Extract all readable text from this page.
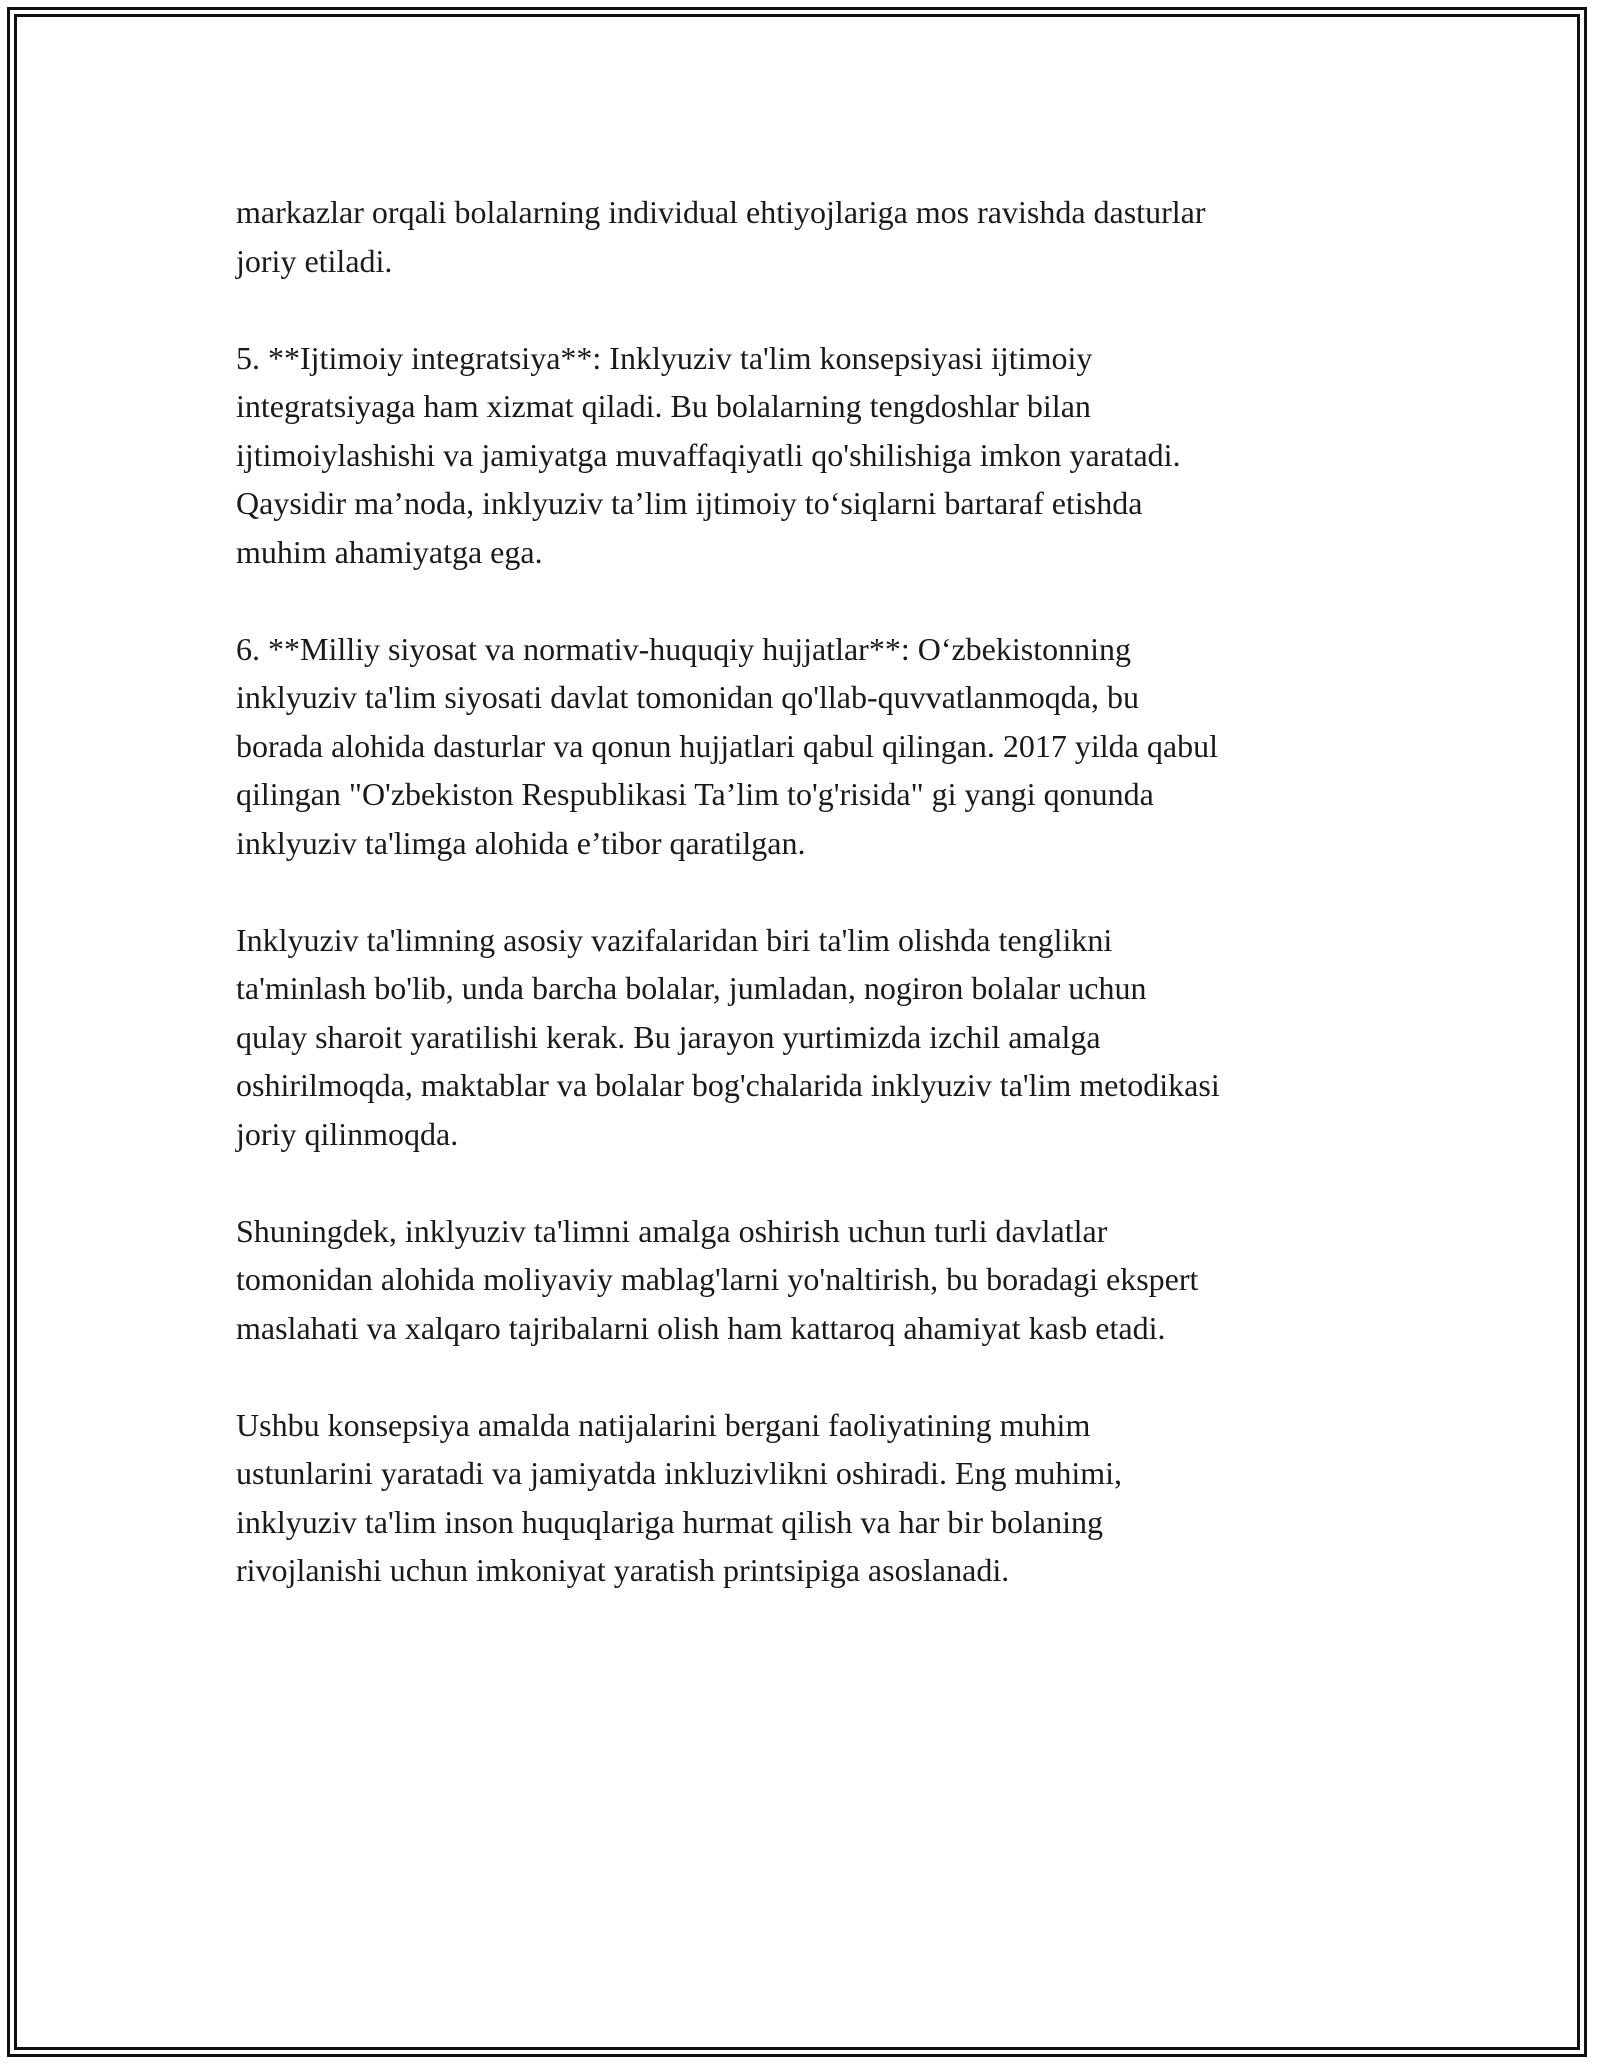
markazlar orqali bolalarning individual ehtiyojlariga mos ravishda dasturlar
joriy etiladi.

5. **Ijtimoiy integratsiya**: Inklyuziv ta'lim konsepsiyasi ijtimoiy
integratsiyaga ham xizmat qiladi. Bu bolalarning tengdoshlar bilan
ijtimoiylashishi va jamiyatga muvaffaqiyatli qo'shilishiga imkon yaratadi.
Qaysidir ma’noda, inklyuziv ta’lim ijtimoiy to‘siqlarni bartaraf etishda
muhim ahamiyatga ega.

6. **Milliy siyosat va normativ-huquqiy hujjatlar**: O‘zbekistonning
inklyuziv ta'lim siyosati davlat tomonidan qo'llab-quvvatlanmoqda, bu
borada alohida dasturlar va qonun hujjatlari qabul qilingan. 2017 yilda qabul
qilingan "O'zbekiston Respublikasi Ta’lim to'g'risida" gi yangi qonunda
inklyuziv ta'limga alohida e’tibor qaratilgan.

Inklyuziv ta'limning asosiy vazifalaridan biri ta'lim olishda tenglikni
ta'minlash bo'lib, unda barcha bolalar, jumladan, nogiron bolalar uchun
qulay sharoit yaratilishi kerak. Bu jarayon yurtimizda izchil amalga
oshirilmoqda, maktablar va bolalar bog'chalarida inklyuziv ta'lim metodikasi
joriy qilinmoqda.

Shuningdek, inklyuziv ta'limni amalga oshirish uchun turli davlatlar
tomonidan alohida moliyaviy mablag'larni yo'naltirish, bu boradagi ekspert
maslahati va xalqaro tajribalarni olish ham kattaroq ahamiyat kasb etadi.

Ushbu konsepsiya amalda natijalarini bergani faoliyatining muhim
ustunlarini yaratadi va jamiyatda inkluzivlikni oshiradi. Eng muhimi,
inklyuziv ta'lim inson huquqlariga hurmat qilish va har bir bolaning
rivojlanishi uchun imkoniyat yaratish printsipiga asoslanadi.
